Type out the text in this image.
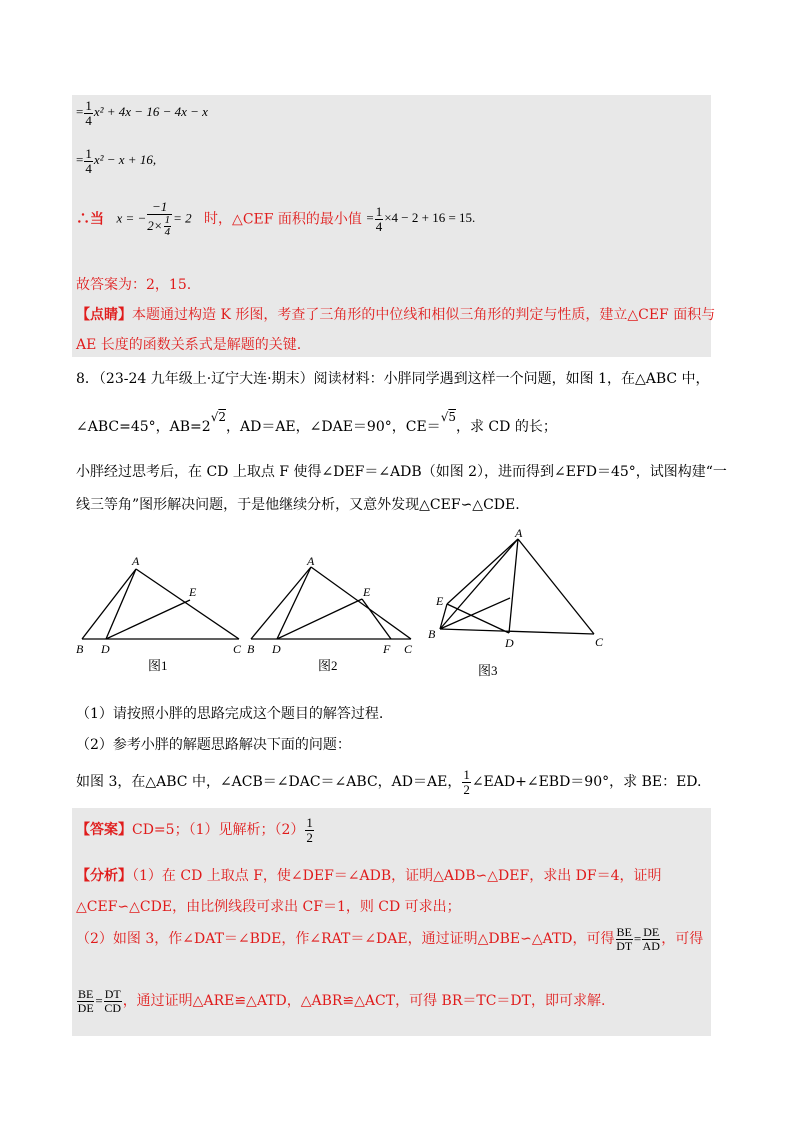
= $\frac{1}{4} x^2 + 4x - 16 - 4x - x$
= $\frac{1}{4} x^2 - x + 16$,
∴当 x = − $\frac{-1}{2\times \frac{1}{4}} = 2$ 时，△CEF 面积的最小值 = $\frac{1}{4} \times 4 - 2 + 16 = 15$.
故答案为：2，15.
【点睛】本题通过构造 K 形图，考查了三角形的中位线和相似三角形的判定与性质，建立△CEF 面积与
AE 长度的函数关系式是解题的关键.
8．（23-24 九年级上·辽宁大连·期末）阅读材料：小胖同学遇到这样一个问题，如图 1，在△ABC 中，
∠ABC=45°，AB=2√2，AD＝AE，∠DAE＝90°，CE＝√5，求 CD 的长；
小胖经过思考后，在 CD 上取点 F 使得∠DEF＝∠ADB（如图 2），进而得到∠EFD＝45°，试图构建“一
线三等角”图形解决问题，于是他继续分析，又意外发现△CEF∽△CDE.
A
E
B D	C
A
E
B D	F C
A
E
B
D	C
图1	图2	图3
（1）请按照小胖的思路完成这个题目的解答过程.
（2）参考小胖的解题思路解决下面的问题：
如图 3，在△ABC 中，∠ACB＝∠DAC＝∠ABC，AD＝AE， $\frac{1}{2}$ ∠EAD+∠EBD＝90°，求 BE：ED.
【答案】CD=5；（1）见解析；$(2) \frac{1}{2}$
【分析】（1）在 CD 上取点 F，使∠DEF＝∠ADB，证明△ADB∽△DEF，求出 DF＝4，证明
△CEF∽△CDE，由比例线段可求出 CF＝1，则 CD 可求出；
（2）如图 3，作∠DAT＝∠BDE，作∠RAT＝∠DAE，通过证明△DBE∽△ATD，可得 $\frac{BE}{DT} = \frac{DE}{AD}$ ，可得
$\frac{BE}{DE} = \frac{DT}{CD}$ ，通过证明△ARE≌△ATD，△ABR≌△ACT，可得 BR＝TC＝DT，即可求解.
